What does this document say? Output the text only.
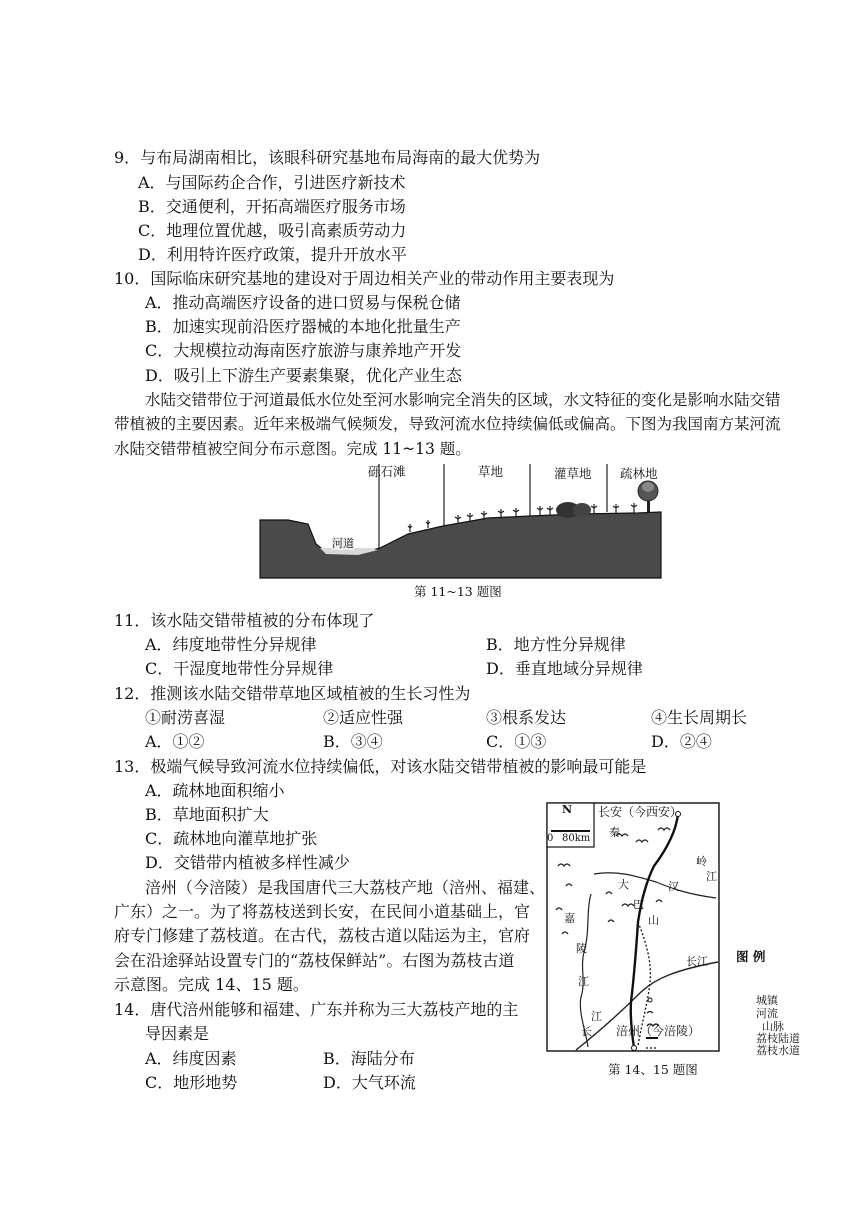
9．与布局湖南相比，该眼科研究基地布局海南的最大优势为
A．与国际药企合作，引进医疗新技术
B．交通便利，开拓高端医疗服务市场
C．地理位置优越，吸引高素质劳动力
D．利用特许医疗政策，提升开放水平
10．国际临床研究基地的建设对于周边相关产业的带动作用主要表现为
A．推动高端医疗设备的进口贸易与保税仓储
B．加速实现前沿医疗器械的本地化批量生产
C．大规模拉动海南医疗旅游与康养地产开发
D．吸引上下游生产要素集聚，优化产业生态
水陆交错带位于河道最低水位处至河水影响完全消失的区域，水文特征的变化是影响水陆交错
带植被的主要因素。近年来极端气候频发，导致河流水位持续偏低或偏高。下图为我国南方某河流
水陆交错带植被空间分布示意图。完成 11~13 题。
砾石滩	草地	灌草地 疏林地
河道
第 11~13 题图
11．该水陆交错带植被的分布体现了
A．纬度地带性分异规律	B．地方性分异规律
C．干湿度地带性分异规律	D．垂直地域分异规律
12．推测该水陆交错带草地区域植被的生长习性为
①耐涝喜湿	②适应性强	③根系发达	④生长周期长
A．①②	B．③④	C．①③	D．②④
13．极端气候导致河流水位持续偏低，对该水陆交错带植被的影响最可能是
A．疏林地面积缩小
B．草地面积扩大
C．疏林地向灌草地扩张
D．交错带内植被多样性减少
涪州（今涪陵）是我国唐代三大荔枝产地（涪州、福建、
广东）之一。为了将荔枝送到长安，在民间小道基础上，官
府专门修建了荔枝道。在古代，荔枝古道以陆运为主，官府
会在沿途驿站设置专门的“荔枝保鲜站”。右图为荔枝古道
示意图。完成 14、15 题。
14．唐代涪州能够和福建、广东并称为三大荔枝产地的主
导因素是
A．纬度因素	B．海陆分布
C．地形地势	D．大气环流
N
0 80km
长安（今西安）
秦
岭
大
巴
山
汉
江
嘉
陵
江
长江
长
江
涪州（今涪陵）
图 例
城镇
河流
山脉
荔枝陆道
荔枝水道
第 14、15 题图
